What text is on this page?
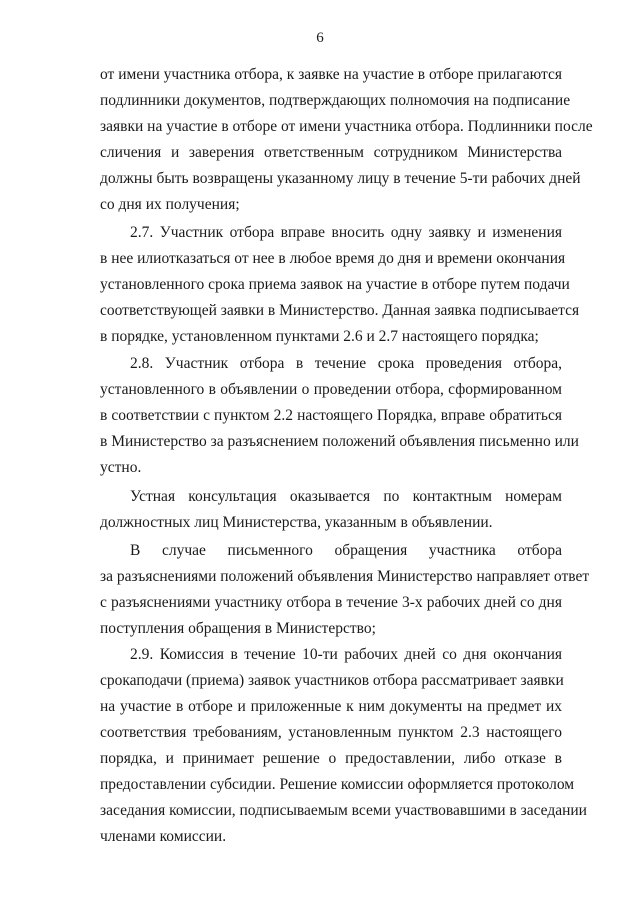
6
от имени участника отбора, к заявке на участие в отборе прилагаются
подлинники документов, подтверждающих полномочия на подписание
заявки на участие в отборе от имени участника отбора. Подлинники после
сличения и заверения ответственным сотрудником Министерства
должны быть возвращены указанному лицу в течение 5-ти рабочих дней
со дня их получения;
2.7. Участник отбора вправе вносить одну заявку и изменения
в нее илиотказаться от нее в любое время до дня и времени окончания
установленного срока приема заявок на участие в отборе путем подачи
соответствующей заявки в Министерство. Данная заявка подписывается
в порядке, установленном пунктами 2.6 и 2.7 настоящего порядка;
2.8. Участник отбора в течение срока проведения отбора,
установленного в объявлении о проведении отбора, сформированном
в соответствии с пунктом 2.2 настоящего Порядка, вправе обратиться
в Министерство за разъяснением положений объявления письменно или
устно.
Устная консультация оказывается по контактным номерам
должностных лиц Министерства, указанным в объявлении.
В случае письменного обращения участника отбора
за разъяснениями положений объявления Министерство направляет ответ
с разъяснениями участнику отбора в течение 3-х рабочих дней со дня
поступления обращения в Министерство;
2.9. Комиссия в течение 10-ти рабочих дней со дня окончания
срокаподачи (приема) заявок участников отбора рассматривает заявки
на участие в отборе и приложенные к ним документы на предмет их
соответствия требованиям, установленным пунктом 2.3 настоящего
порядка, и принимает решение о предоставлении, либо отказе в
предоставлении субсидии. Решение комиссии оформляется протоколом
заседания комиссии, подписываемым всеми участвовавшими в заседании
членами комиссии.
